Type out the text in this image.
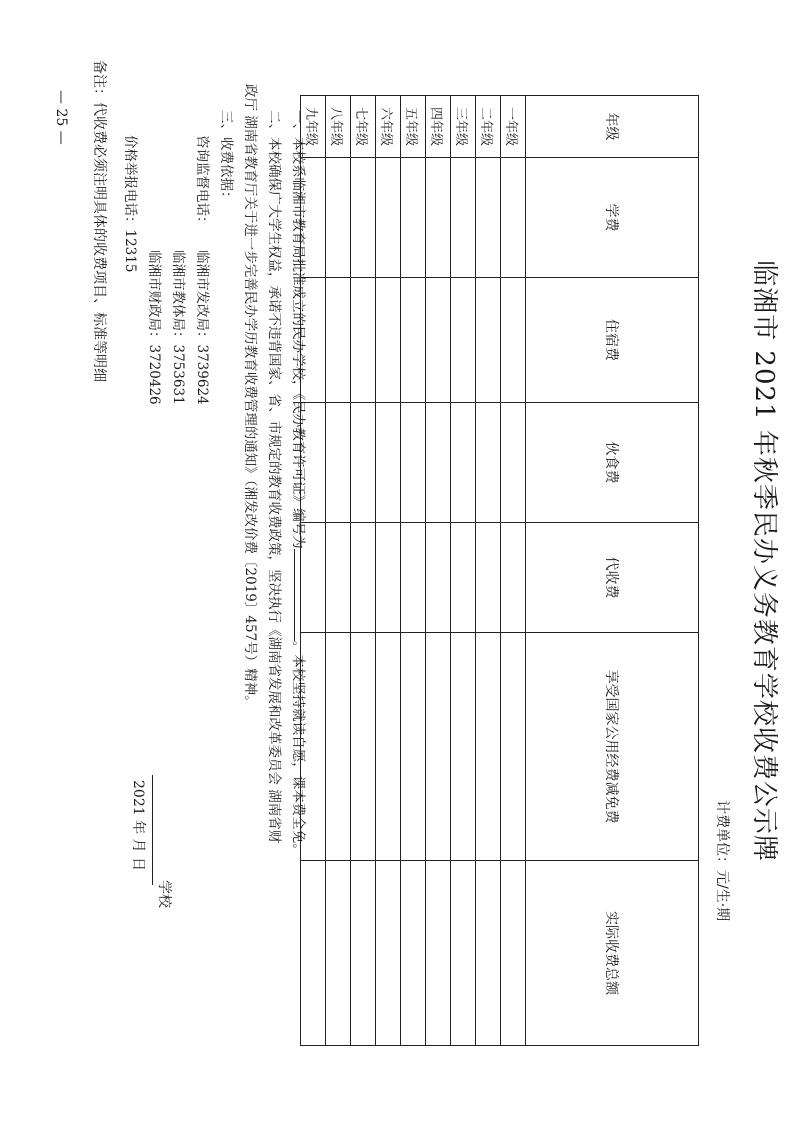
临湘市 2021 年秋季民办义务教育学校收费公示牌
计费单位：元/生·期
年级	学费	住宿费	伙食费	代收费	享受国家公用经费减免费	实际收费总额
一年级						
二年级						
三年级						
四年级						
五年级						
六年级						
七年级						
八年级						
九年级						
一、本校系临湘市教育局批准成立的民办学校，《民办教育许可证》编号为。本校坚持就读自愿，课本费全免。
二、本校确保广大学生权益，承诺不违背国家、省、市规定的教育收费政策，坚决执行《湖南省发展和改革委员会 湖南省财
政厅 湖南省教育厅关于进一步完善民办学历教育收费管理的通知》（湘发改价费〔2019〕457号）精神。
三、收费依据：
咨询监督电话：
临湘市发改局：3739624
临湘市教体局：3753631
临湘市财政局：3720426
价格举报电话：12315
学校
2021 年 月 日
备注：代收费必须注明具体的收费项目、标准等明细
— 25 —
